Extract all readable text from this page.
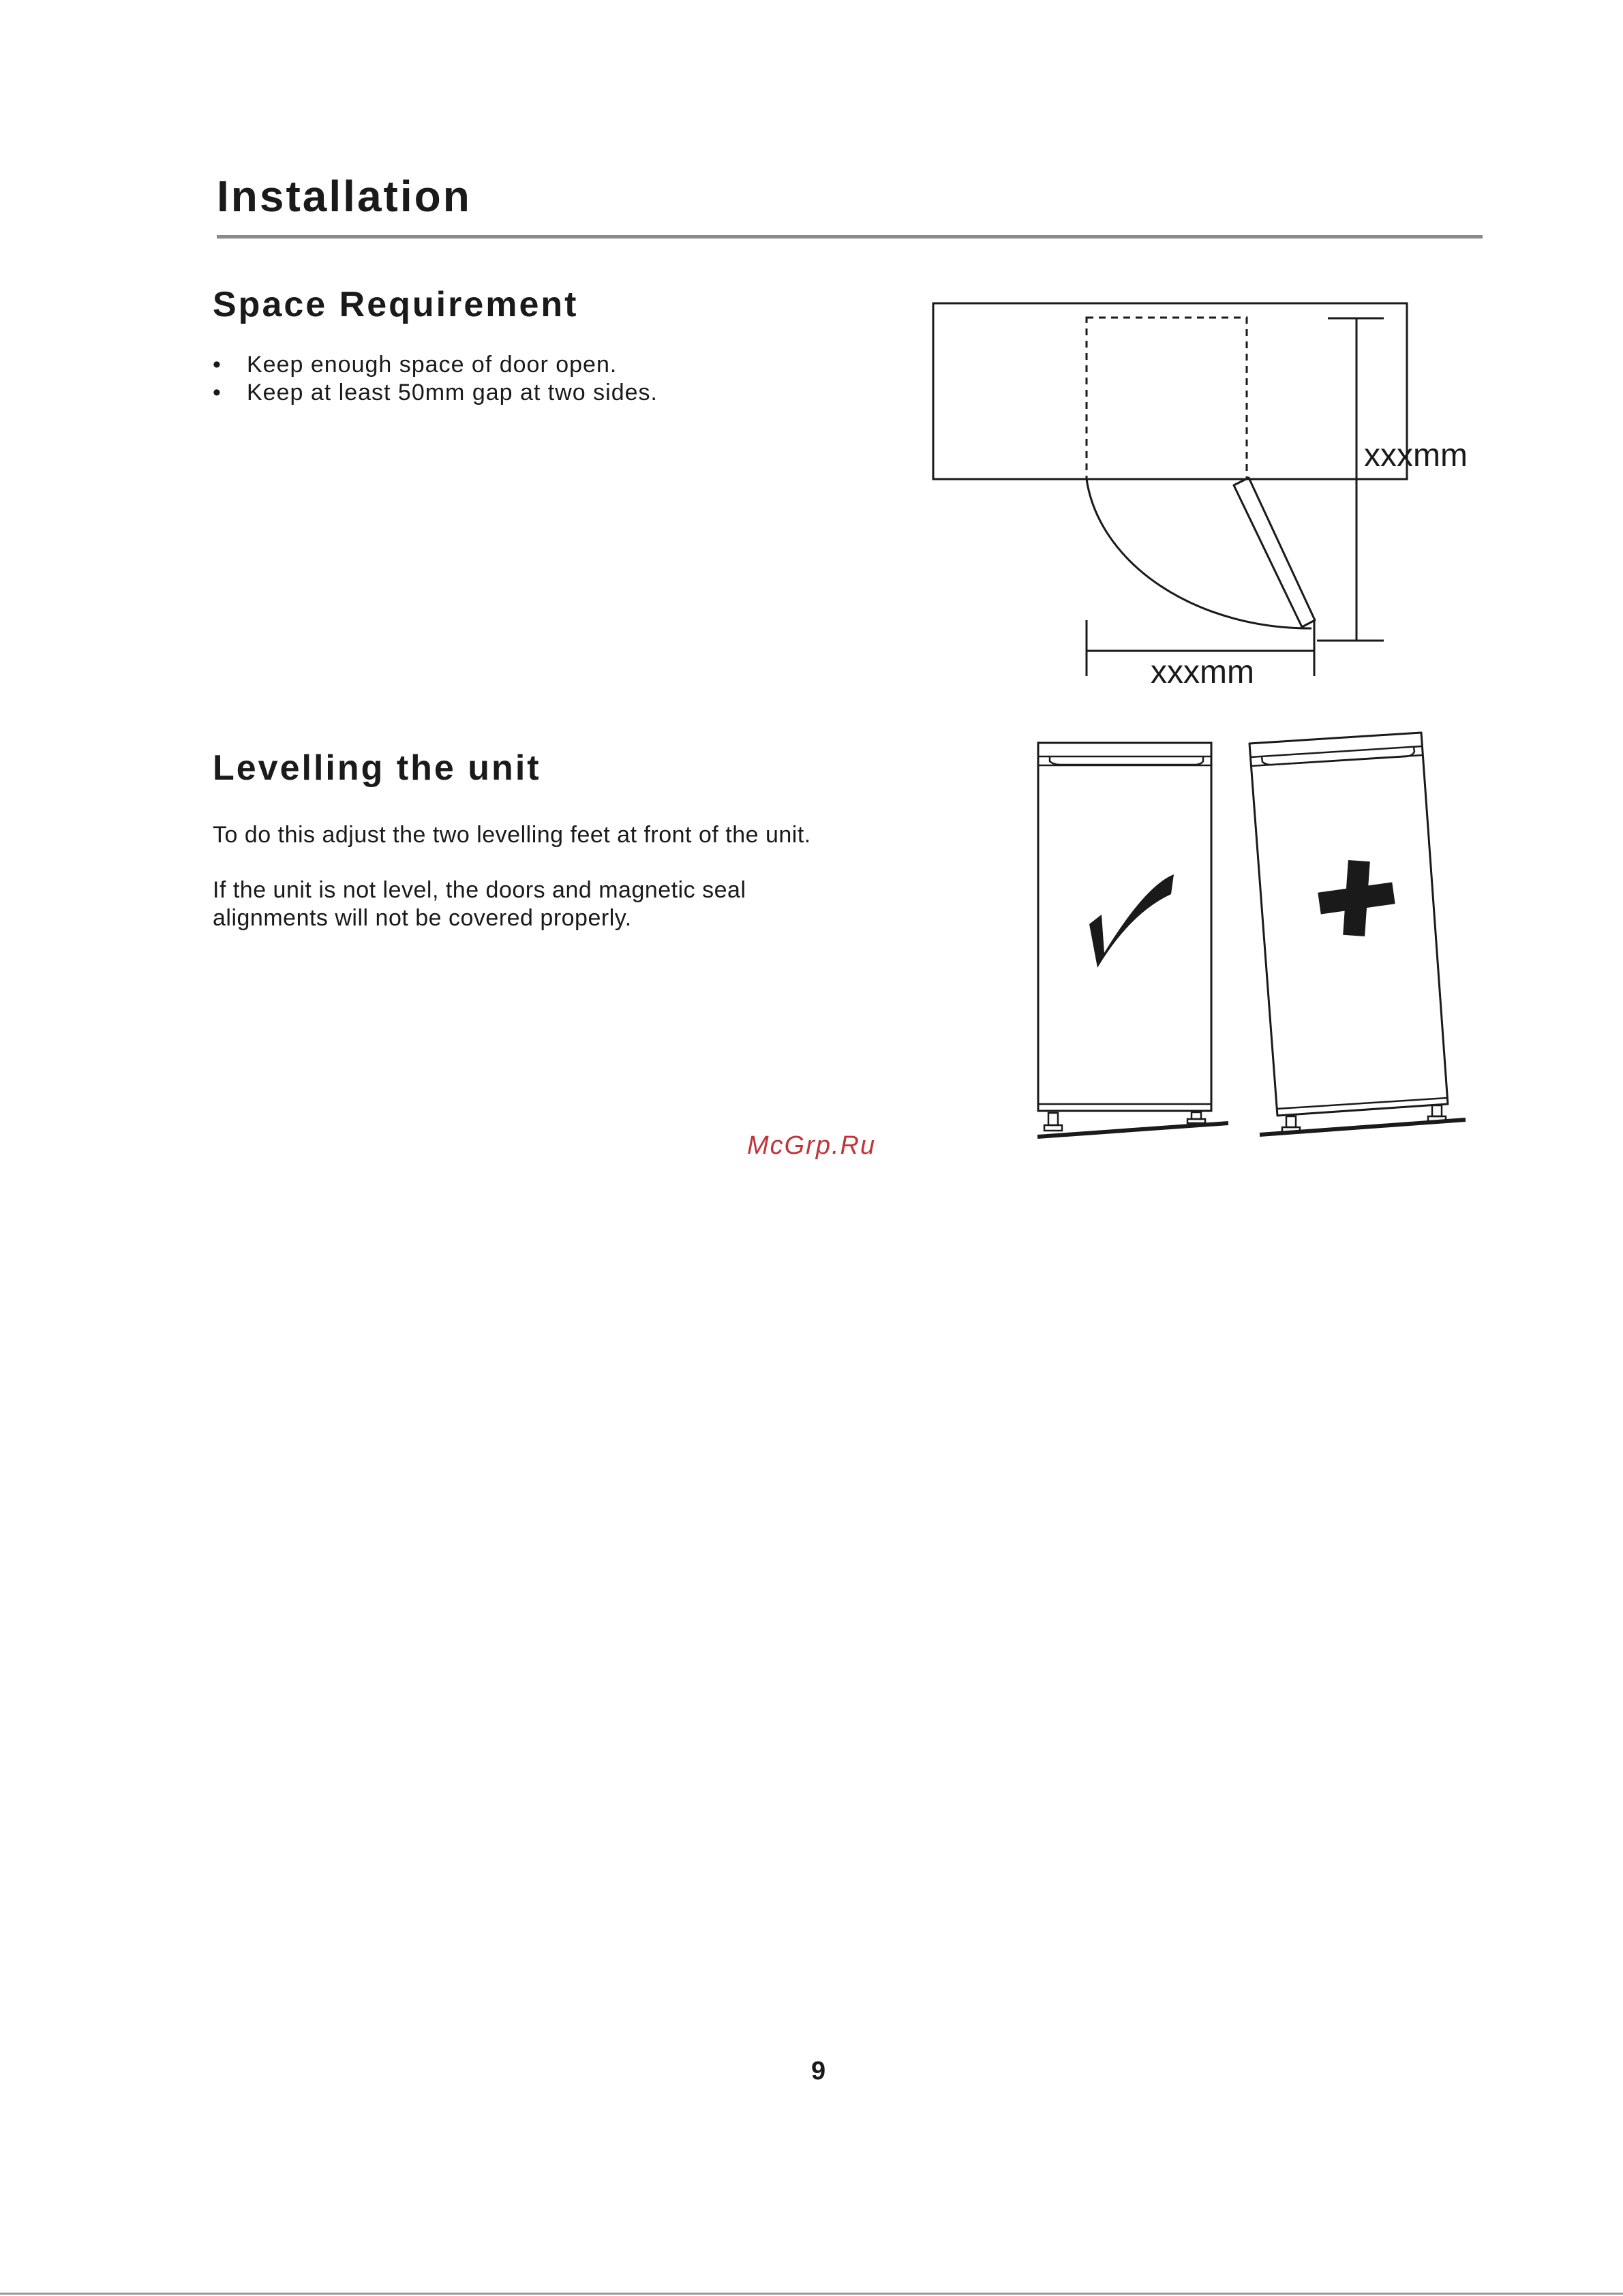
Installation
Space Requirement
• Keep enough space of door open.
• Keep at least 50mm gap at two sides.
xxxmm
xxxmm
Levelling the unit

To do this adjust the two levelling feet at front of the unit.

If the unit is not level, the doors and magnetic seal alignments will not be covered properly.

McGrp.Ru
9
